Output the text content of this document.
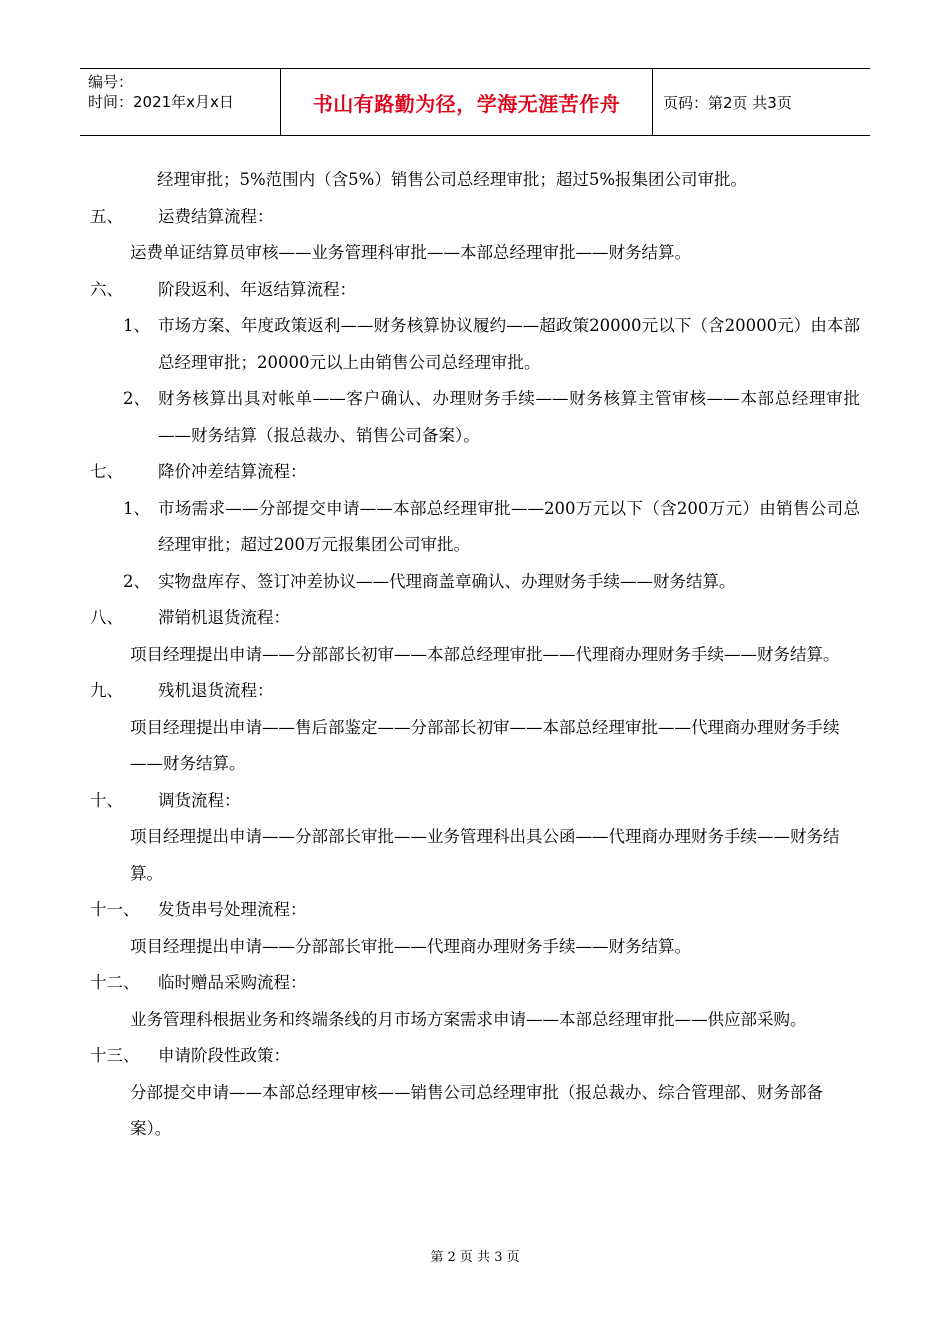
编号：
时间：2021年x月x日	书山有路勤为径，学海无涯苦作舟	页码：第2页 共3页

经理审批；5%范围内（含5%）销售公司总经理审批；超过5%报集团公司审批。

五、	运费结算流程：

运费单证结算员审核——业务管理科审批——本部总经理审批——财务结算。

六、	阶段返利、年返结算流程：
1、 市场方案、年度政策返利——财务核算协议履约——超政策20000元以下（含20000元）由本部总经理审批；20000元以上由销售公司总经理审批。
2、 财务核算出具对帐单——客户确认、办理财务手续——财务核算主管审核——本部总经理审批——财务结算（报总裁办、销售公司备案）。
七、	降价冲差结算流程：
1、 市场需求——分部提交申请——本部总经理审批——200万元以下（含200万元）由销售公司总经理审批；超过200万元报集团公司审批。
2、 实物盘库存、签订冲差协议——代理商盖章确认、办理财务手续——财务结算。
八、	滞销机退货流程：

项目经理提出申请——分部部长初审——本部总经理审批——代理商办理财务手续——财务结算。

九、	残机退货流程：

项目经理提出申请——售后部鉴定——分部部长初审——本部总经理审批——代理商办理财务手续——财务结算。

十、	调货流程：

项目经理提出申请——分部部长审批——业务管理科出具公函——代理商办理财务手续——财务结算。

十一、	发货串号处理流程：

项目经理提出申请——分部部长审批——代理商办理财务手续——财务结算。

十二、	临时赠品采购流程：

业务管理科根据业务和终端条线的月市场方案需求申请——本部总经理审批——供应部采购。

十三、	申请阶段性政策：

分部提交申请——本部总经理审核——销售公司总经理审批（报总裁办、综合管理部、财务部备案）。

第 2 页 共 3 页
